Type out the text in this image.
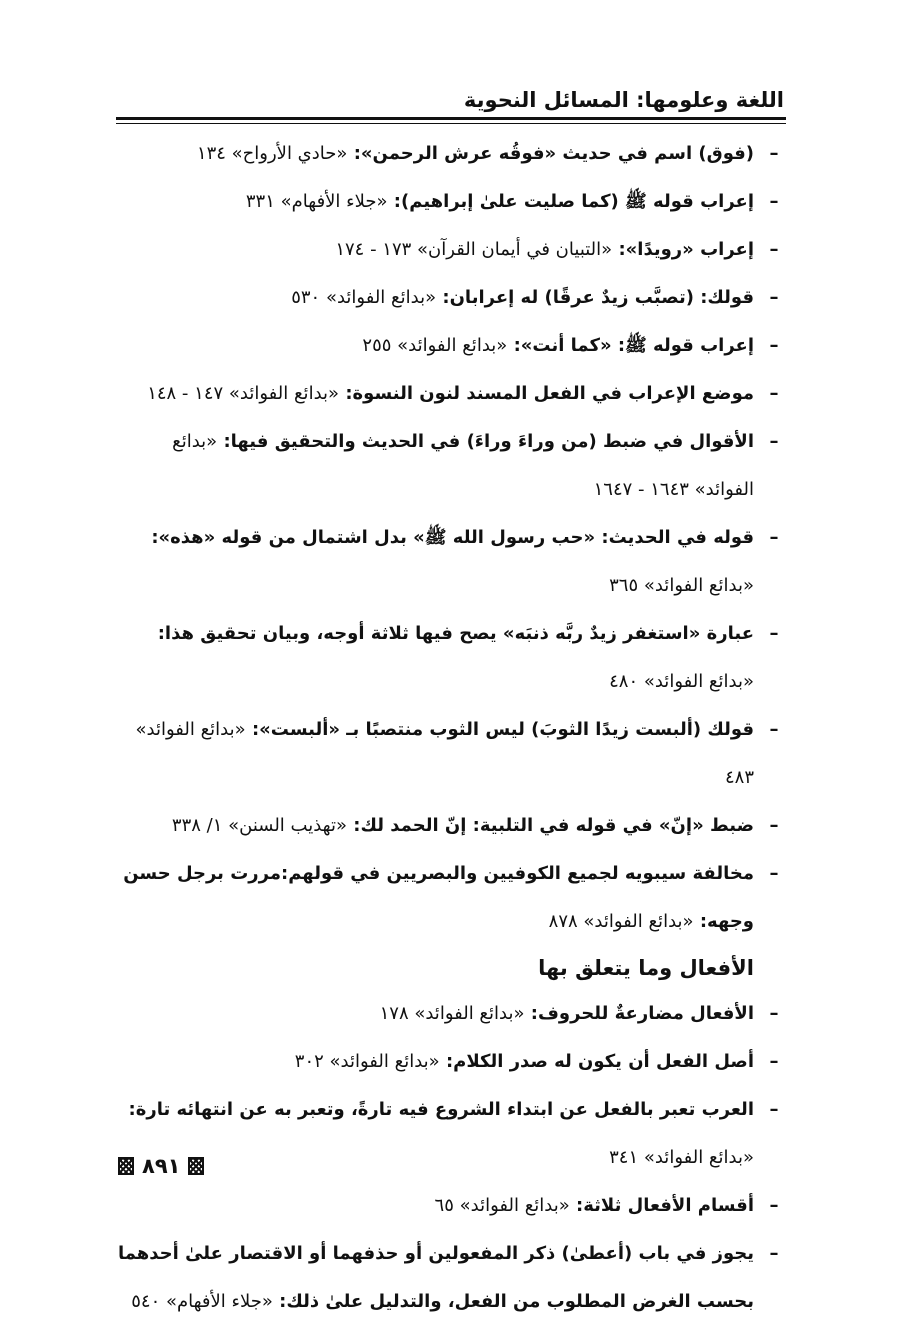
اللغة وعلومها: المسائل النحوية

–
(فوق) اسم في حديث «فوقُه عرش الرحمن»: «حادي الأرواح» ١٣٤

–
إعراب قوله ﷺ (كما صليت علىٰ إبراهيم): «جلاء الأفهام» ٣٣١

–
إعراب «رويدًا»: «التبيان في أيمان القرآن» ١٧٣ - ١٧٤

–
قولك: (تصبَّب زيدٌ عرقًا) له إعرابان: «بدائع الفوائد» ٥٣٠

–
إعراب قوله ﷺ: «كما أنت»: «بدائع الفوائد» ٢٥٥

–
موضع الإعراب في الفعل المسند لنون النسوة: «بدائع الفوائد» ١٤٧ - ١٤٨

–
الأقوال في ضبط (من وراءَ وراءَ) في الحديث والتحقيق فيها: «بدائع الفوائد» ١٦٤٣ - ١٦٤٧

–
قوله في الحديث: «حب رسول الله ﷺ» بدل اشتمال من قوله «هذه»: «بدائع الفوائد» ٣٦٥

–
عبارة «استغفر زيدٌ ربَّه ذنبَه» يصح فيها ثلاثة أوجه، وبيان تحقيق هذا: «بدائع الفوائد» ٤٨٠

–
قولك (ألبست زيدًا الثوبَ) ليس الثوب منتصبًا بـ «ألبست»: «بدائع الفوائد» ٤٨٣

–
ضبط «إنّ» في قوله في التلبية: إنّ الحمد لك: «تهذيب السنن» ١/ ٣٣٨

–
مخالفة سيبويه لجميع الكوفيين والبصريين في قولهم:مررت برجل حسن وجهه: «بدائع الفوائد» ٨٧٨

الأفعال وما يتعلق بها

–
الأفعال مضارعةٌ للحروف: «بدائع الفوائد» ١٧٨

–
أصل الفعل أن يكون له صدر الكلام: «بدائع الفوائد» ٣٠٢

–
العرب تعبر بالفعل عن ابتداء الشروع فيه تارةً، وتعبر به عن انتهائه تارة: «بدائع الفوائد» ٣٤١

–
أقسام الأفعال ثلاثة: «بدائع الفوائد» ٦٥

–
يجوز في باب (أعطىٰ) ذكر المفعولين أو حذفهما أو الاقتصار علىٰ أحدهما بحسب الغرض المطلوب من الفعل، والتدليل علىٰ ذلك: «جلاء الأفهام» ٥٤٠

٨٩١
